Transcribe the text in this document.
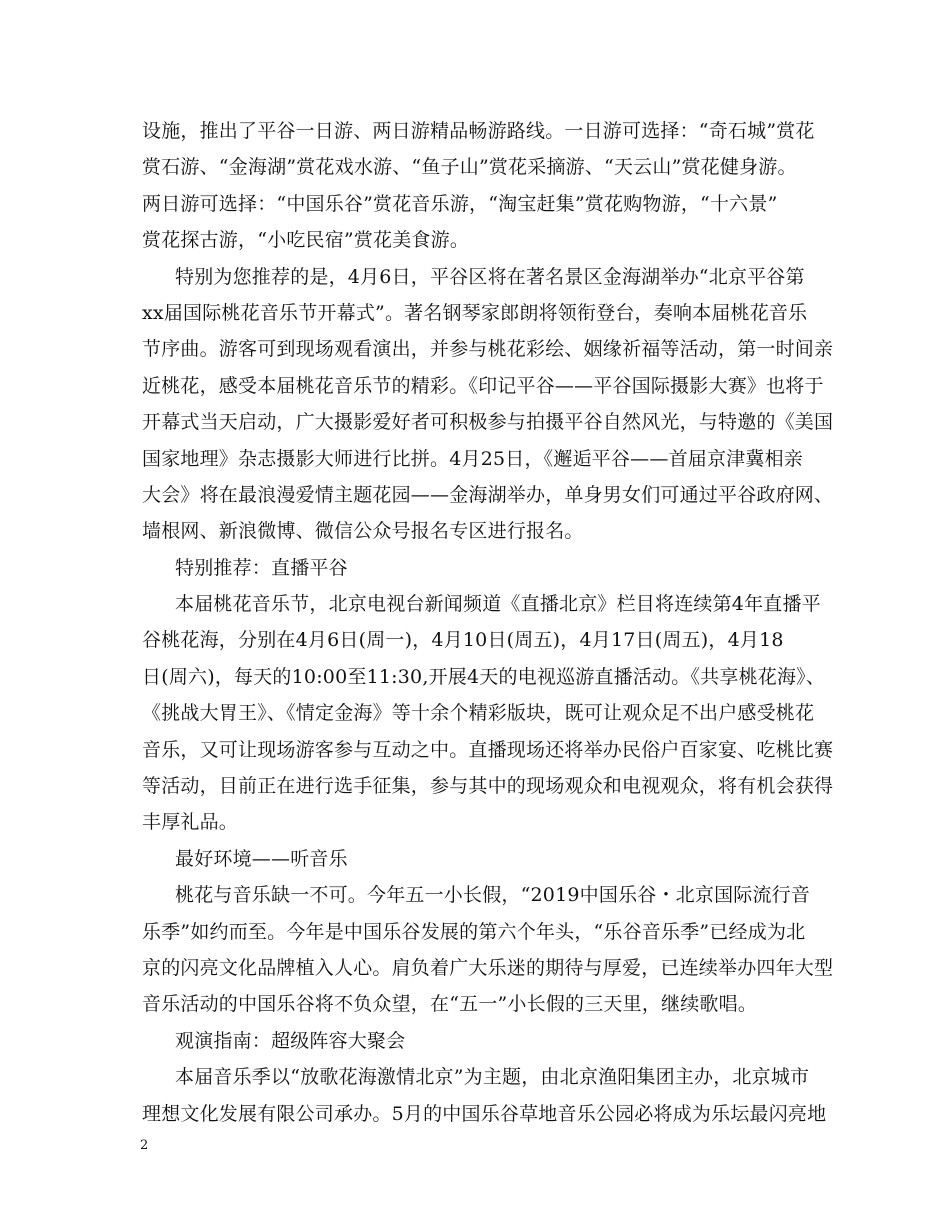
设施，推出了平谷一日游、两日游精品畅游路线。一日游可选择：“奇石城”赏花
赏石游、“金海湖”赏花戏水游、“鱼子山”赏花采摘游、“天云山”赏花健身游。
两日游可选择：“中国乐谷”赏花音乐游，“淘宝赶集”赏花购物游，“十六景”
赏花探古游，“小吃民宿”赏花美食游。
特别为您推荐的是，4月6日，平谷区将在著名景区金海湖举办“北京平谷第
xx届国际桃花音乐节开幕式”。著名钢琴家郎朗将领衔登台，奏响本届桃花音乐
节序曲。游客可到现场观看演出，并参与桃花彩绘、姻缘祈福等活动，第一时间亲
近桃花，感受本届桃花音乐节的精彩。《印记平谷——平谷国际摄影大赛》也将于
开幕式当天启动，广大摄影爱好者可积极参与拍摄平谷自然风光，与特邀的《美国
国家地理》杂志摄影大师进行比拼。4月25日，《邂逅平谷——首届京津冀相亲
大会》将在最浪漫爱情主题花园——金海湖举办，单身男女们可通过平谷政府网、
墙根网、新浪微博、微信公众号报名专区进行报名。
特别推荐：直播平谷
本届桃花音乐节，北京电视台新闻频道《直播北京》栏目将连续第4年直播平
谷桃花海，分别在4月6日(周一)，4月10日(周五)，4月17日(周五)，4月18
日(周六)，每天的10:00至11:30,开展4天的电视巡游直播活动。《共享桃花海》、
《挑战大胃王》、《情定金海》等十余个精彩版块，既可让观众足不出户感受桃花
音乐，又可让现场游客参与互动之中。直播现场还将举办民俗户百家宴、吃桃比赛
等活动，目前正在进行选手征集，参与其中的现场观众和电视观众，将有机会获得
丰厚礼品。
最好环境——听音乐
桃花与音乐缺一不可。今年五一小长假，“2019中国乐谷・北京国际流行音
乐季”如约而至。今年是中国乐谷发展的第六个年头，“乐谷音乐季”已经成为北
京的闪亮文化品牌植入人心。肩负着广大乐迷的期待与厚爱，已连续举办四年大型
音乐活动的中国乐谷将不负众望，在“五一”小长假的三天里，继续歌唱。
观演指南：超级阵容大聚会
本届音乐季以“放歌花海激情北京”为主题，由北京渔阳集团主办，北京城市
理想文化发展有限公司承办。5月的中国乐谷草地音乐公园必将成为乐坛最闪亮地
2
